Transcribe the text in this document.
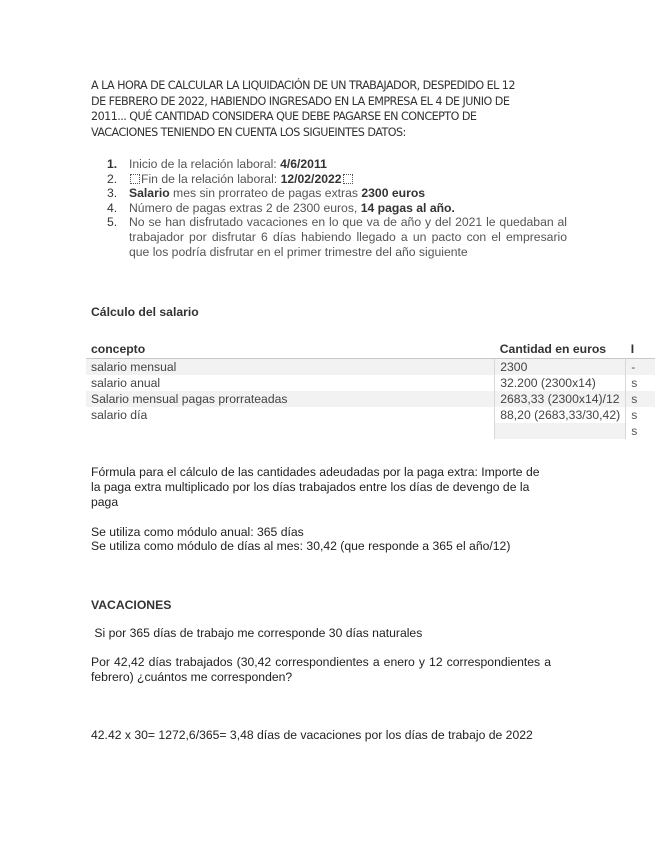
A LA HORA DE CALCULAR LA LIQUIDACIÓN DE UN TRABAJADOR, DESPEDIDO EL 12
DE FEBRERO DE 2022, HABIENDO INGRESADO EN LA EMPRESA EL 4 DE JUNIO DE
2011... QUÉ CANTIDAD CONSIDERA QUE DEBE PAGARSE EN CONCEPTO DE
VACACIONES TENIENDO EN CUENTA LOS SIGUEINTES DATOS:
1. Inicio de la relación laboral: 4/6/2011
2.	Fin de la relación laboral: 12/02/2022
3. Salario mes sin prorrateo de pagas extras 2300 euros
4. Número de pagas extras 2 de 2300 euros, 14 pagas al año.
5. No se han disfrutado vacaciones en lo que va de año y del 2021 le quedaban al trabajador por disfrutar 6 días habiendo llegado a un pacto con el empresario que los podría disfrutar en el primer trimestre del año siguiente
Cálculo del salario
concepto	Cantidad en euros	I
salario mensual	2300	-
salario anual	32.200 (2300x14)	s
Salario mensual pagas prorrateadas	2683,33 (2300x14)/12	s
salario día	88,20 (2683,33/30,42)	s
		s
Fórmula para el cálculo de las cantidades adeudadas por la paga extra: Importe de
la paga extra multiplicado por los días trabajados entre los días de devengo de la
paga
Se utiliza como módulo anual: 365 días
Se utiliza como módulo de días al mes: 30,42 (que responde a 365 el año/12)
VACACIONES
Si por 365 días de trabajo me corresponde 30 días naturales
Por 42,42 días trabajados (30,42 correspondientes a enero y 12 correspondientes a febrero) ¿cuántos me corresponden?
42.42 x 30= 1272,6/365= 3,48 días de vacaciones por los días de trabajo de 2022
